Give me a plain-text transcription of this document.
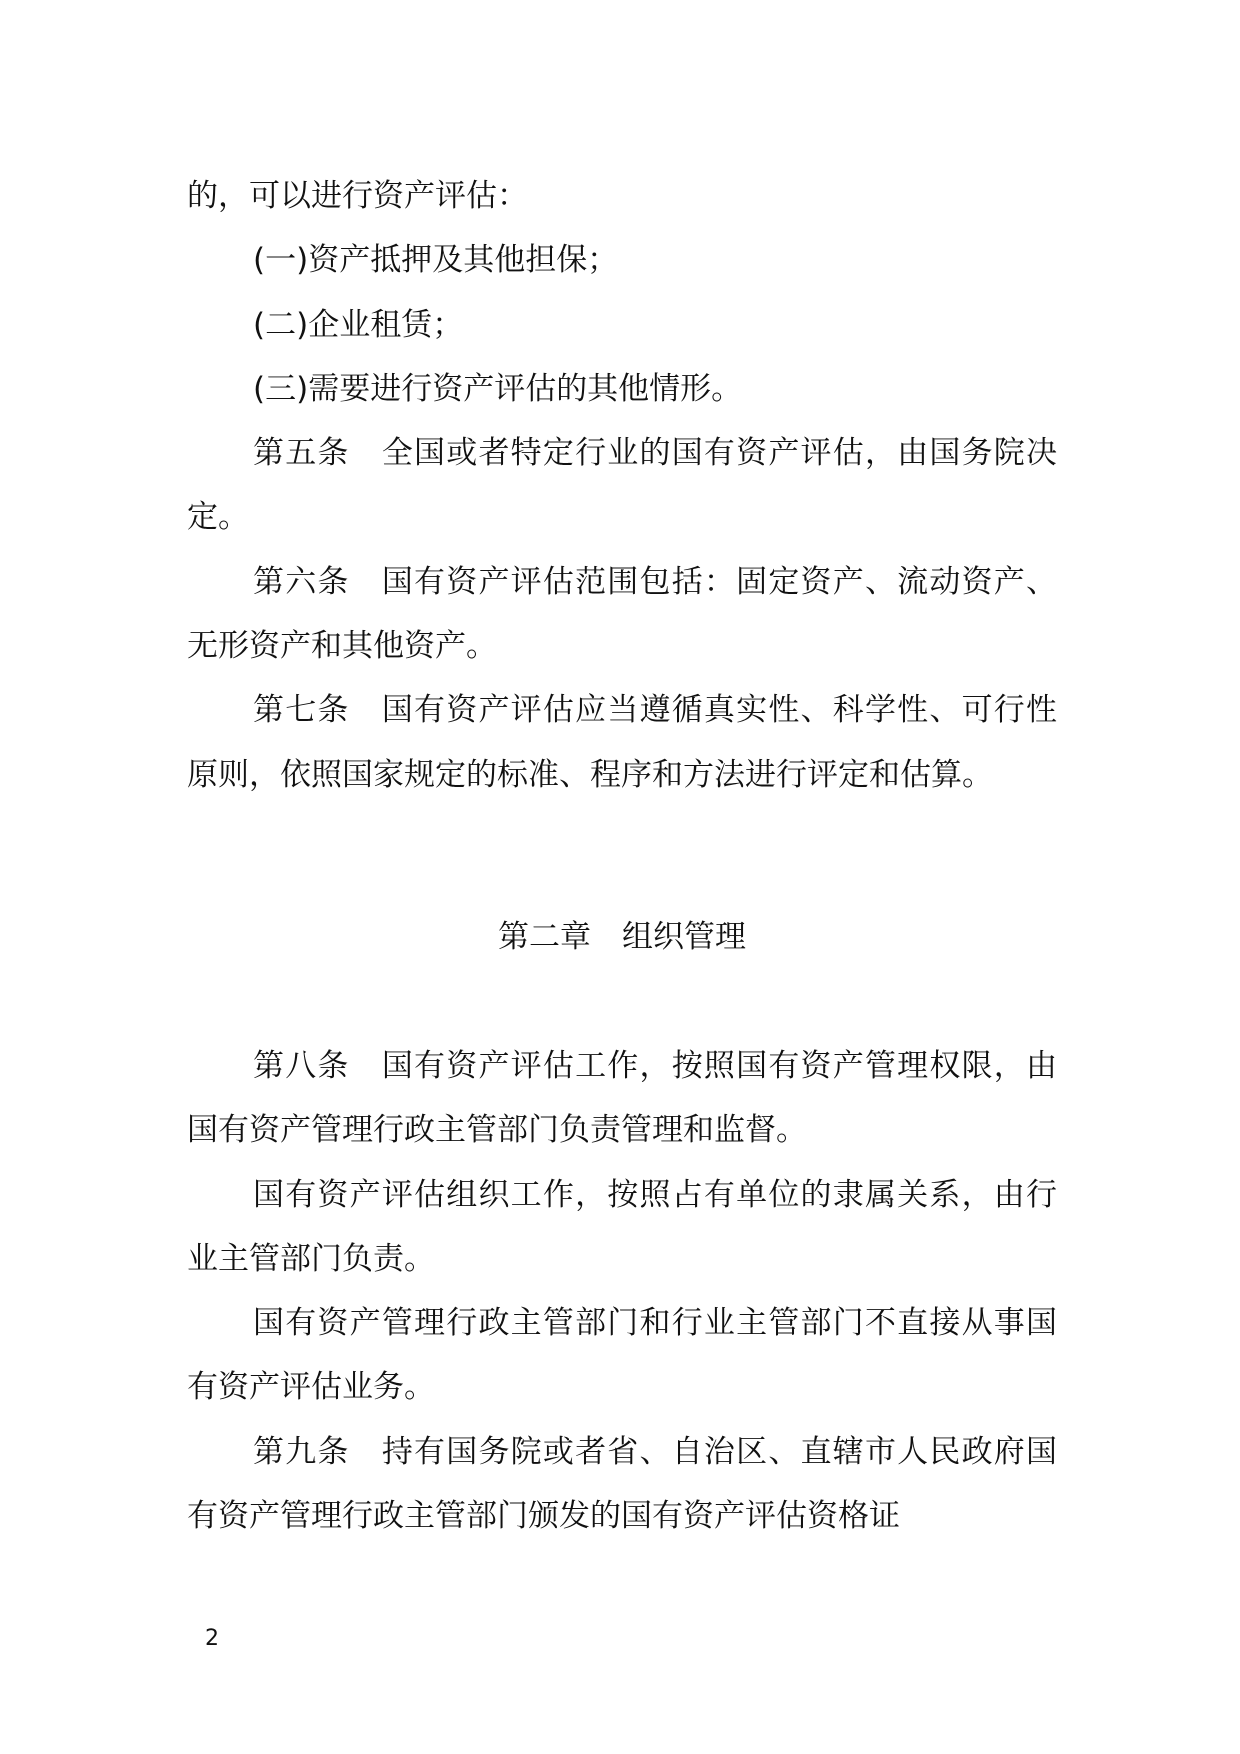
的，可以进行资产评估：

(一)资产抵押及其他担保；

(二)企业租赁；

(三)需要进行资产评估的其他情形。

第五条　全国或者特定行业的国有资产评估，由国务院决定。

第六条　国有资产评估范围包括：固定资产、流动资产、无形资产和其他资产。

第七条　国有资产评估应当遵循真实性、科学性、可行性原则，依照国家规定的标准、程序和方法进行评定和估算。

第二章　组织管理

第八条　国有资产评估工作，按照国有资产管理权限，由国有资产管理行政主管部门负责管理和监督。

国有资产评估组织工作，按照占有单位的隶属关系，由行业主管部门负责。

国有资产管理行政主管部门和行业主管部门不直接从事国有资产评估业务。

第九条　持有国务院或者省、自治区、直辖市人民政府国有资产管理行政主管部门颁发的国有资产评估资格证

2
